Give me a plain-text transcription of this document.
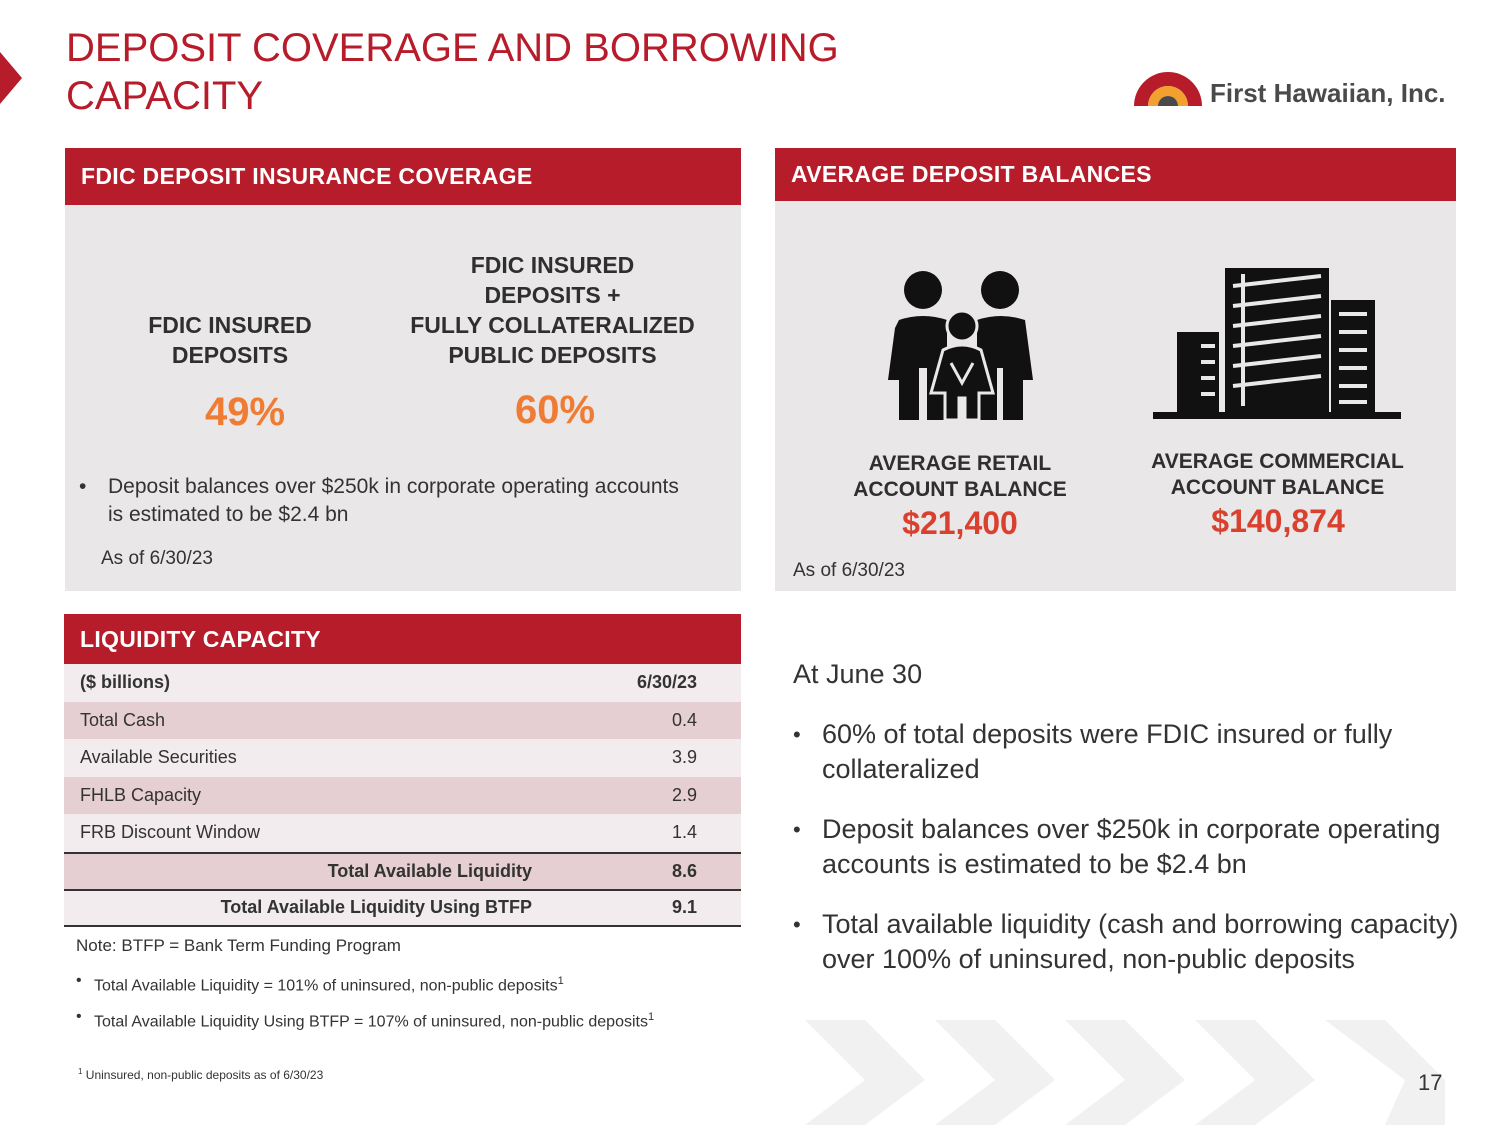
DEPOSIT COVERAGE AND BORROWING CAPACITY	First Hawaiian, Inc.
FDIC DEPOSIT INSURANCE COVERAGE
FDIC INSURED
DEPOSITS
49%
FDIC INSURED
DEPOSITS +
FULLY COLLATERALIZED
PUBLIC DEPOSITS
60%
• Deposit balances over $250k in corporate operating accounts is estimated to be $2.4 bn
As of 6/30/23
AVERAGE DEPOSIT BALANCES
AVERAGE RETAIL
ACCOUNT BALANCE
$21,400
AVERAGE COMMERCIAL
ACCOUNT BALANCE
$140,874
As of 6/30/23
LIQUIDITY CAPACITY
($ billions)	6/30/23
Total Cash	0.4
Available Securities	3.9
FHLB Capacity	2.9
FRB Discount Window	1.4
Total Available Liquidity	8.6
Total Available Liquidity Using BTFP	9.1
Note: BTFP = Bank Term Funding Program
• Total Available Liquidity = 101% of uninsured, non-public deposits$^1$
• Total Available Liquidity Using BTFP = 107% of uninsured, non-public deposits$^1$
$^1$ Uninsured, non-public deposits as of 6/30/23
At June 30
• 60% of total deposits were FDIC insured or fully collateralized
• Deposit balances over $250k in corporate operating accounts is estimated to be $2.4 bn
• Total available liquidity (cash and borrowing capacity) over 100% of uninsured, non-public deposits
17
